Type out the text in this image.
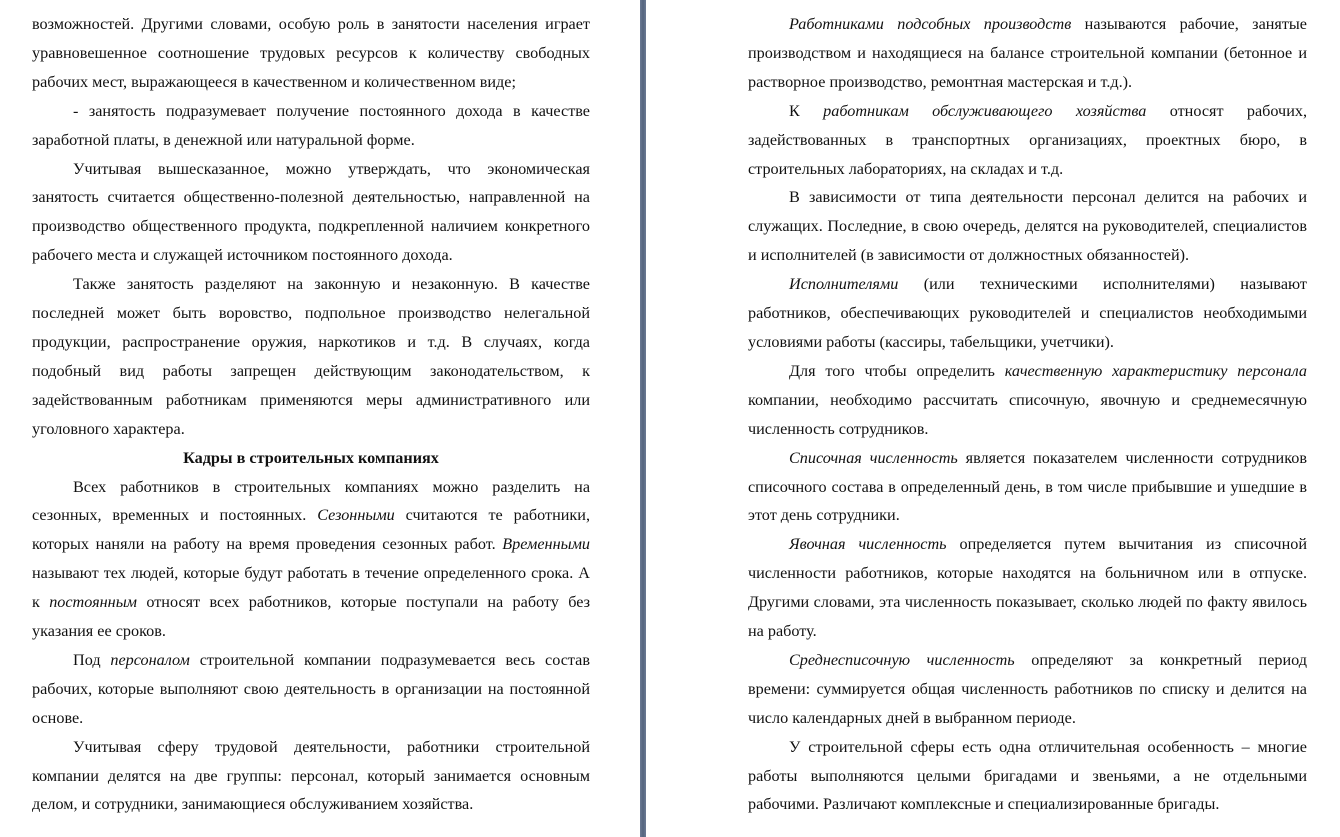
возможностей. Другими словами, особую роль в занятости населения играет уравновешенное соотношение трудовых ресурсов к количеству свободных рабочих мест, выражающееся в качественном и количественном виде;

- занятость подразумевает получение постоянного дохода в качестве заработной платы, в денежной или натуральной форме.

Учитывая вышесказанное, можно утверждать, что экономическая занятость считается общественно-полезной деятельностью, направленной на производство общественного продукта, подкрепленной наличием конкретного рабочего места и служащей источником постоянного дохода.

Также занятость разделяют на законную и незаконную. В качестве последней может быть воровство, подпольное производство нелегальной продукции, распространение оружия, наркотиков и т.д. В случаях, когда подобный вид работы запрещен действующим законодательством, к задействованным работникам применяются меры административного или уголовного характера.

Кадры в строительных компаниях

Всех работников в строительных компаниях можно разделить на сезонных, временных и постоянных. Сезонными считаются те работники, которых наняли на работу на время проведения сезонных работ. Временными называют тех людей, которые будут работать в течение определенного срока. А к постоянным относят всех работников, которые поступали на работу без указания ее сроков.

Под персоналом строительной компании подразумевается весь состав рабочих, которые выполняют свою деятельность в организации на постоянной основе.

Учитывая сферу трудовой деятельности, работники строительной компании делятся на две группы: персонал, который занимается основным делом, и сотрудники, занимающиеся обслуживанием хозяйства.

Работниками подсобных производств называются рабочие, занятые производством и находящиеся на балансе строительной компании (бетонное и растворное производство, ремонтная мастерская и т.д.).

К работникам обслуживающего хозяйства относят рабочих, задействованных в транспортных организациях, проектных бюро, в строительных лабораториях, на складах и т.д.

В зависимости от типа деятельности персонал делится на рабочих и служащих. Последние, в свою очередь, делятся на руководителей, специалистов и исполнителей (в зависимости от должностных обязанностей).

Исполнителями (или техническими исполнителями) называют работников, обеспечивающих руководителей и специалистов необходимыми условиями работы (кассиры, табельщики, учетчики).

Для того чтобы определить качественную характеристику персонала компании, необходимо рассчитать списочную, явочную и среднемесячную численность сотрудников.

Списочная численность является показателем численности сотрудников списочного состава в определенный день, в том числе прибывшие и ушедшие в этот день сотрудники.

Явочная численность определяется путем вычитания из списочной численности работников, которые находятся на больничном или в отпуске. Другими словами, эта численность показывает, сколько людей по факту явилось на работу.

Среднесписочную численность определяют за конкретный период времени: суммируется общая численность работников по списку и делится на число календарных дней в выбранном периоде.

У строительной сферы есть одна отличительная особенность – многие работы выполняются целыми бригадами и звеньями, а не отдельными рабочими. Различают комплексные и специализированные бригады.
